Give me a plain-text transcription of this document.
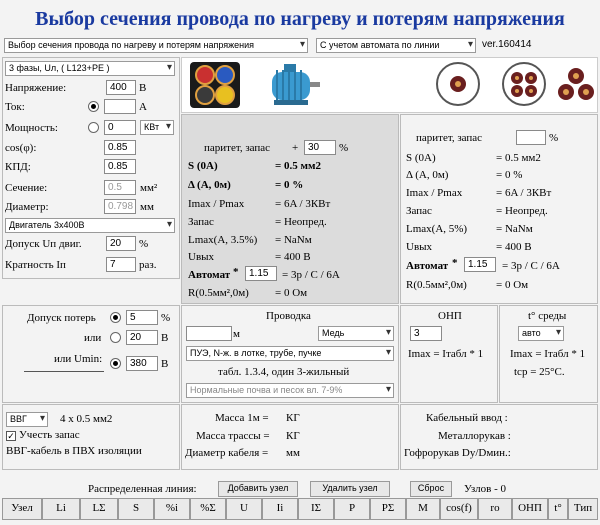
Выбор сечения провода по нагреву и потерям напряжения
Выбор сечения провода по нагреву и потерям напряжения ▾	С учетом автомата по линии ▾	ver.160414
3 фазы, Uл, ( L123+PE ) ▾
Напряжение:	400	В
Ток:	А
Мощность:	0	КВт ▾
cos(φ):	0.85
КПД:	0.85
Сечение:	0.5	мм²
Диаметр:	0.798 мм
Двигатель 3х400В ▾
Допуск Uп двиг.	20	%
Кратность Iп	7	раз.
паритет, запас + 30	%
S (0A)	= 0.5 мм2
Δ (A, 0м)	= 0 %
Imax / Pmax	= 6A / 3КВт
Запас	= Неопред.
Lmax(A, 3.5%) = NaNм
Uвых	= 400 В
Автомат *	1.15	= 3р / С / 6А
R(0.5мм²,0м) = 0 Ом
паритет, запас	%
S (0A)	= 0.5 мм2
Δ (A, 0м)	= 0 %
Imax / Pmax	= 6A / 3КВт
Запас	= Неопред.
Lmax(A, 5%)	= NaNм
Uвых	= 400 В
Автомат *	1.15	= 3р / С / 6А
R(0.5мм²,0м)	= 0 Ом
Допуск потерь	5	%
или	20	В
или Umin:	380	В
Проводка
м	Медь ▾
ПУЭ, N-ж. в лотке, трубе, пучке ▾
табл. 1.3.4, один 3-жильный
Нормальные почва и песок вл. 7-9% ▾
ОНП
3
Imax = Iтабл * 1
t° среды
авто ▾
Imax = Iтабл * 1
tср = 25°С.
ВВГ ▾	4 x 0.5 мм2
✓ Учесть запас
ВВГ-кабель в ПВХ изоляции
Масса 1м = КГ
Масса трассы = КГ
Диаметр кабеля = мм
Кабельный ввод :
Металлорукав :
Гофрорукав Dу/Dмин.:
Распределенная линия:	Добавить узел	Удалить узел	Сброс	Узлов - 0
Узел	Li	LΣ	S	%i	%Σ	U	Ii	IΣ	P	PΣ	M	cos(f)	ro	ОНП	t°	Тип
